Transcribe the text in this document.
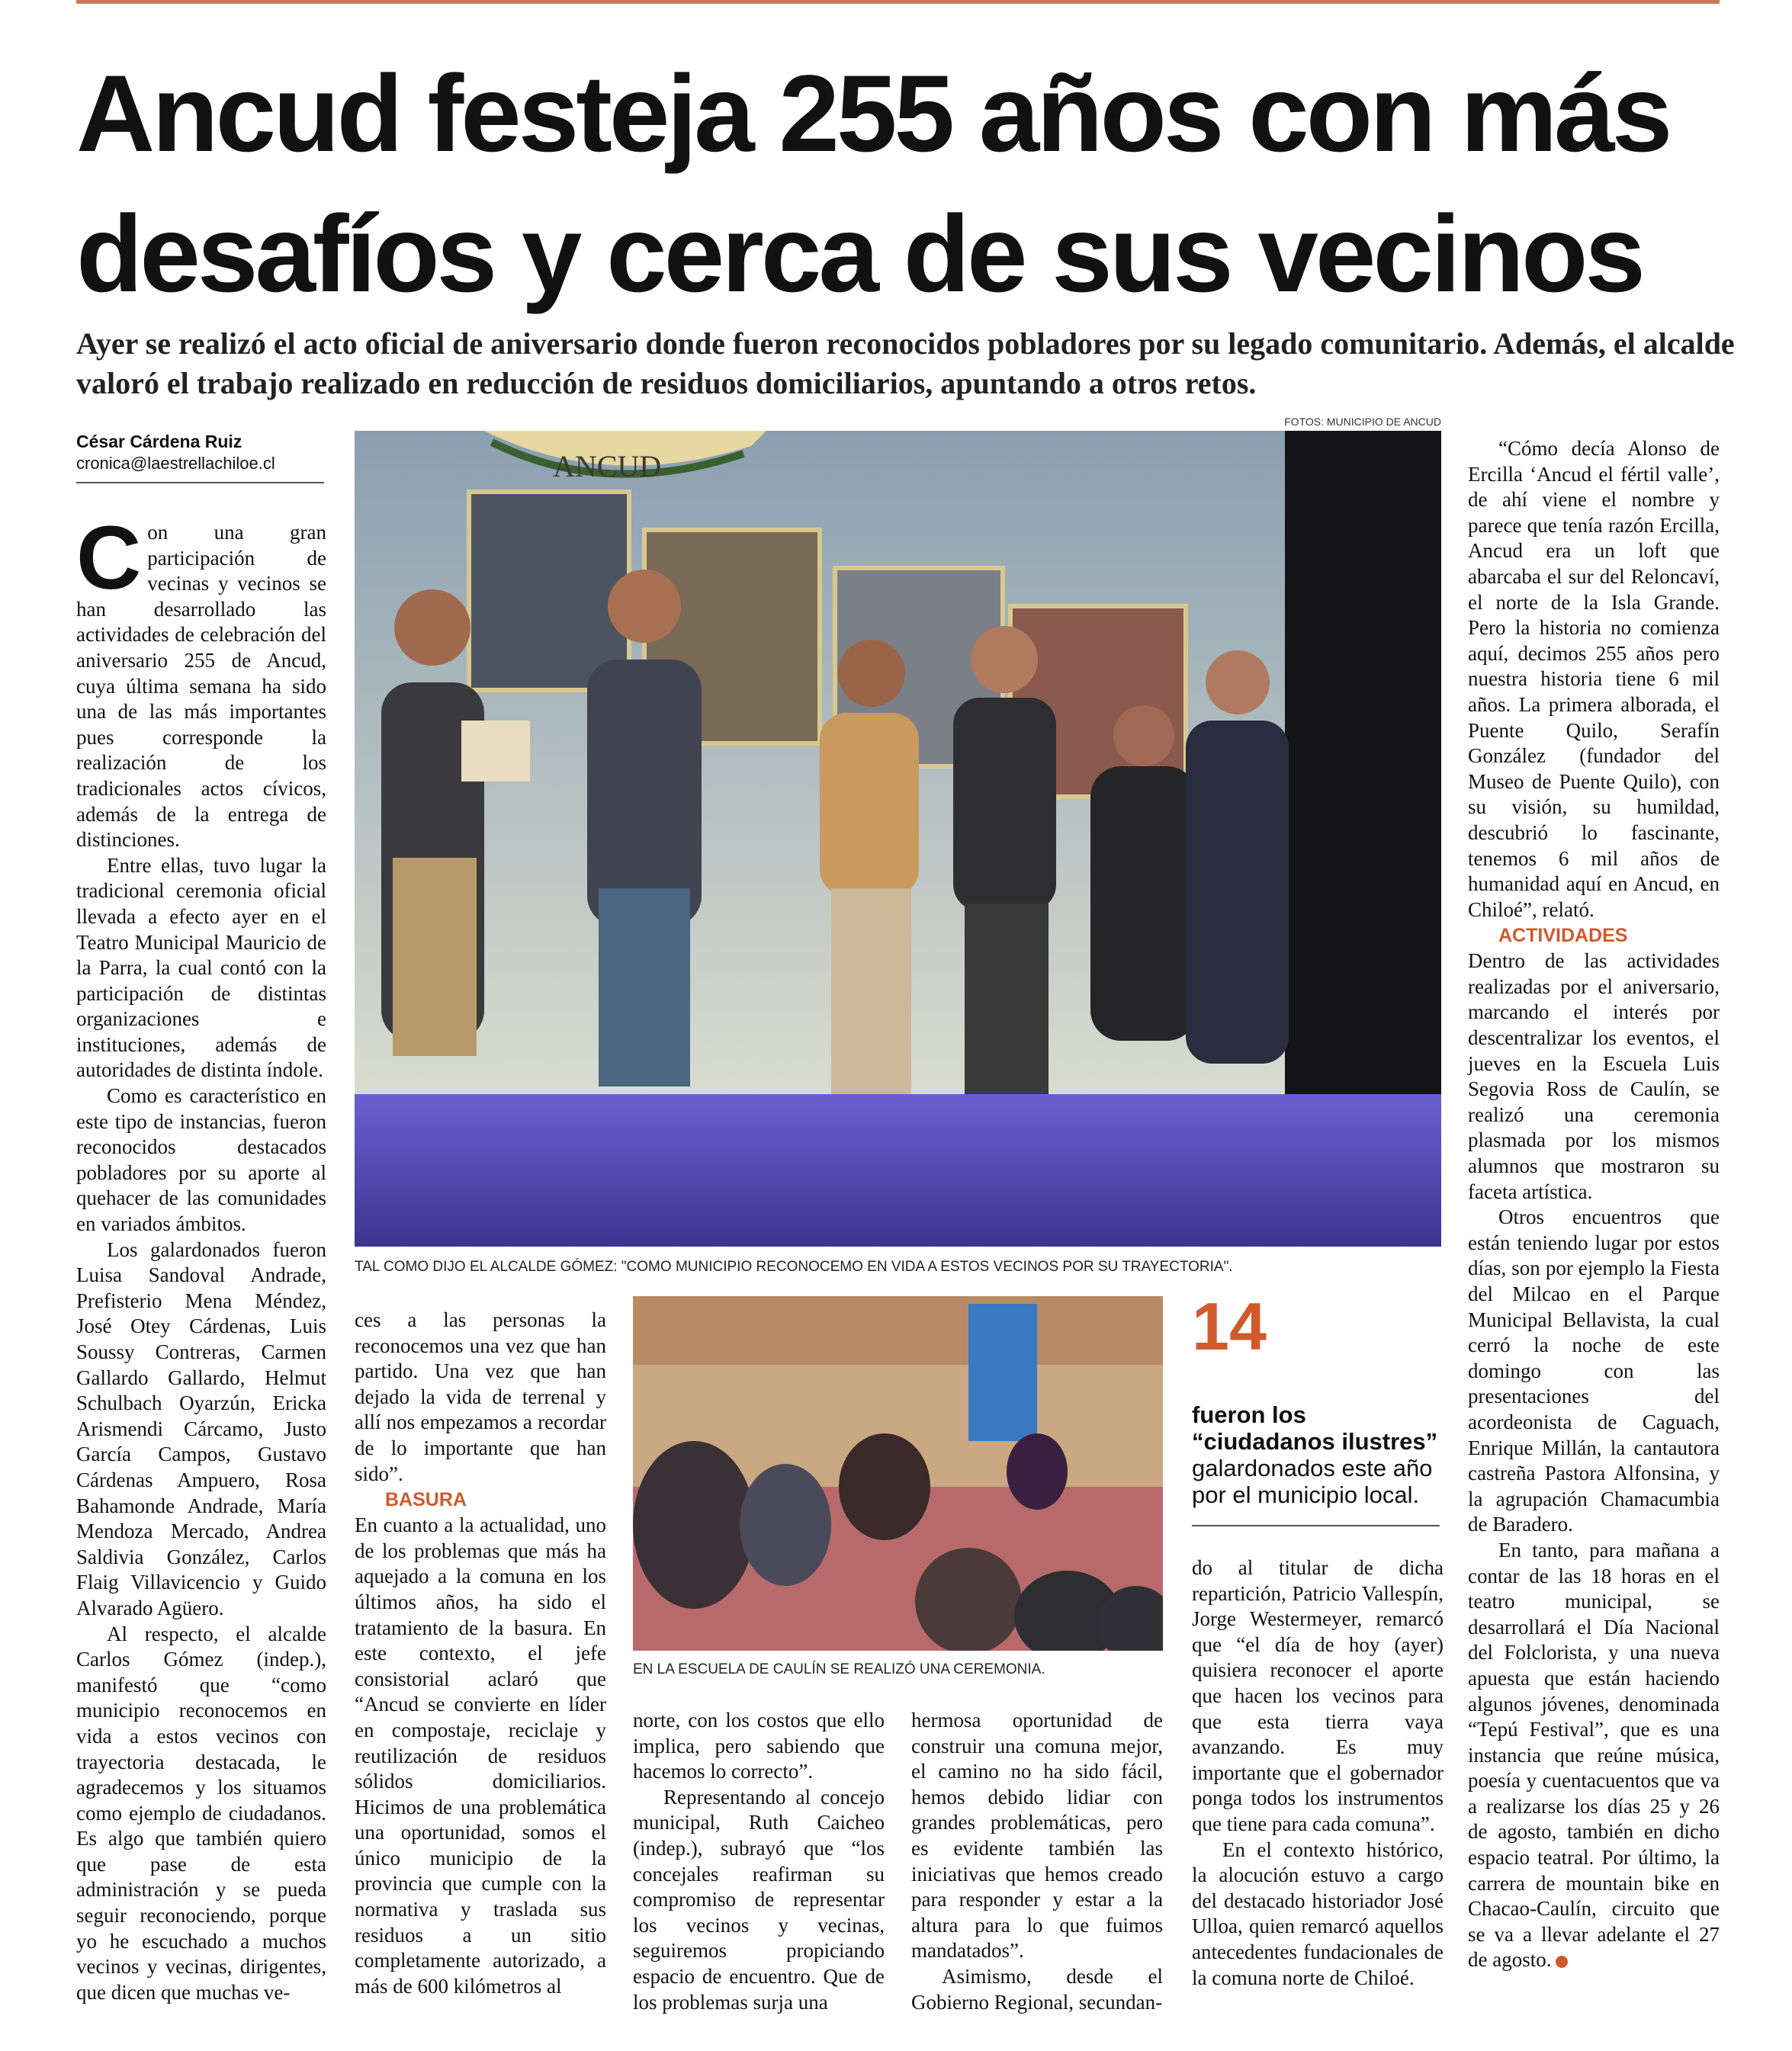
Ancud festeja 255 años con más desafíos y cerca de sus vecinos

Ayer se realizó el acto oficial de aniversario donde fueron reconocidos pobladores por su legado comunitario. Además, el alcalde valoró el trabajo realizado en reducción de residuos domiciliarios, apuntando a otros retos.

César Cárdena Ruiz
cronica@laestrellachiloe.cl
FOTOS: MUNICIPIO DE ANCUD
ANCUD
TAL COMO DIJO EL ALCALDE GÓMEZ: "COMO MUNICIPIO RECONOCEMO EN VIDA A ESTOS VECINOS POR SU TRAYECTORIA".
EN LA ESCUELA DE CAULÍN SE REALIZÓ UNA CEREMONIA.
14
fueron los “ciudadanos ilustres” galardonados este año por el municipio local.

Con una gran participación de vecinas y vecinos se han desarrollado las actividades de celebración del aniversario 255 de Ancud, cuya última semana ha sido una de las más importantes pues corresponde la realización de los tradicionales actos cívicos, además de la entrega de distinciones.

Entre ellas, tuvo lugar la tradicional ceremonia oficial llevada a efecto ayer en el Teatro Municipal Mauricio de la Parra, la cual contó con la participación de distintas organizaciones e instituciones, además de autoridades de distinta índole.

Como es característico en este tipo de instancias, fueron reconocidos destacados pobladores por su aporte al quehacer de las comunidades en variados ámbitos.

Los galardonados fueron Luisa Sandoval Andrade, Prefisterio Mena Méndez, José Otey Cárdenas, Luis Soussy Contreras, Carmen Gallardo Gallardo, Helmut Schulbach Oyarzún, Ericka Arismendi Cárcamo, Justo García Campos, Gustavo Cárdenas Ampuero, Rosa Bahamonde Andrade, María Mendoza Mercado, Andrea Saldivia González, Carlos Flaig Villavicencio y Guido Alvarado Agüero.

Al respecto, el alcalde Carlos Gómez (indep.), manifestó que “como municipio reconocemos en vida a estos vecinos con trayectoria destacada, le agradecemos y los situamos como ejemplo de ciudadanos. Es algo que también quiero que pase de esta administración y se pueda seguir reconociendo, porque yo he escuchado a muchos vecinos y vecinas, dirigentes, que dicen que muchas ve-

ces a las personas la reconocemos una vez que han partido. Una vez que han dejado la vida de terrenal y allí nos empezamos a recordar de lo importante que han sido”.

BASURA

En cuanto a la actualidad, uno de los problemas que más ha aquejado a la comuna en los últimos años, ha sido el tratamiento de la basura. En este contexto, el jefe consistorial aclaró que “Ancud se convierte en líder en compostaje, reciclaje y reutilización de residuos sólidos domiciliarios. Hicimos de una problemática una oportunidad, somos el único municipio de la provincia que cumple con la normativa y traslada sus residuos a un sitio completamente autorizado, a más de 600 kilómetros al

norte, con los costos que ello implica, pero sabiendo que hacemos lo correcto”.

Representando al concejo municipal, Ruth Caicheo (indep.), subrayó que “los concejales reafirman su compromiso de representar los vecinos y vecinas, seguiremos propiciando espacio de encuentro. Que de los problemas surja una

hermosa oportunidad de construir una comuna mejor, el camino no ha sido fácil, hemos debido lidiar con grandes problemáticas, pero es evidente también las iniciativas que hemos creado para responder y estar a la altura para lo que fuimos mandatados”.

Asimismo, desde el Gobierno Regional, secundan-

do al titular de dicha repartición, Patricio Vallespín, Jorge Westermeyer, remarcó que “el día de hoy (ayer) quisiera reconocer el aporte que hacen los vecinos para que esta tierra vaya avanzando. Es muy importante que el gobernador ponga todos los instrumentos que tiene para cada comuna”.

En el contexto histórico, la alocución estuvo a cargo del destacado historiador José Ulloa, quien remarcó aquellos antecedentes fundacionales de la comuna norte de Chiloé.

“Cómo decía Alonso de Ercilla ‘Ancud el fértil valle’, de ahí viene el nombre y parece que tenía razón Ercilla, Ancud era un loft que abarcaba el sur del Reloncaví, el norte de la Isla Grande. Pero la historia no comienza aquí, decimos 255 años pero nuestra historia tiene 6 mil años. La primera alborada, el Puente Quilo, Serafín González (fundador del Museo de Puente Quilo), con su visión, su humildad, descubrió lo fascinante, tenemos 6 mil años de humanidad aquí en Ancud, en Chiloé”, relató.

ACTIVIDADES

Dentro de las actividades realizadas por el aniversario, marcando el interés por descentralizar los eventos, el jueves en la Escuela Luis Segovia Ross de Caulín, se realizó una ceremonia plasmada por los mismos alumnos que mostraron su faceta artística.

Otros encuentros que están teniendo lugar por estos días, son por ejemplo la Fiesta del Milcao en el Parque Municipal Bellavista, la cual cerró la noche de este domingo con las presentaciones del acordeonista de Caguach, Enrique Millán, la cantautora castreña Pastora Alfonsina, y la agrupación Chamacumbia de Baradero.

En tanto, para mañana a contar de las 18 horas en el teatro municipal, se desarrollará el Día Nacional del Folclorista, y una nueva apuesta que están haciendo algunos jóvenes, denominada “Tepú Festival”, que es una instancia que reúne música, poesía y cuentacuentos que va a realizarse los días 25 y 26 de agosto, también en dicho espacio teatral. Por último, la carrera de mountain bike en Chacao-Caulín, circuito que se va a llevar adelante el 27 de agosto.
